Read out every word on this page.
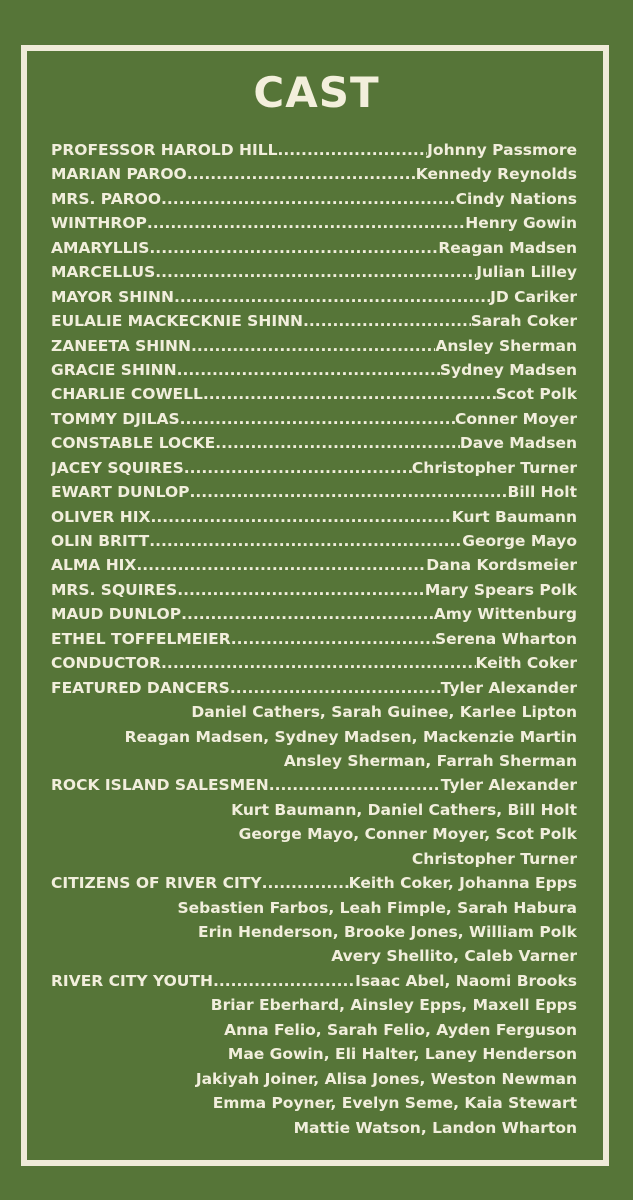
CAST
PROFESSOR HAROLD HILL .....	Johnny Passmore
MARIAN PAROO .....	Kennedy Reynolds
MRS. PAROO .....	Cindy Nations
WINTHROP .....	Henry Gowin
AMARYLLIS .....	Reagan Madsen
MARCELLUS .....	Julian Lilley
MAYOR SHINN .....	JD Cariker
EULALIE MACKECKNIE SHINN .....	Sarah Coker
ZANEETA SHINN .....	Ansley Sherman
GRACIE SHINN .....	Sydney Madsen
CHARLIE COWELL .....	Scot Polk
TOMMY DJILAS .....	Conner Moyer
CONSTABLE LOCKE .....	Dave Madsen
JACEY SQUIRES .....	Christopher Turner
EWART DUNLOP .....	Bill Holt
OLIVER HIX .....	Kurt Baumann
OLIN BRITT .....	George Mayo
ALMA HIX .....	Dana Kordsmeier
MRS. SQUIRES .....	Mary Spears Polk
MAUD DUNLOP .....	Amy Wittenburg
ETHEL TOFFELMEIER .....	Serena Wharton
CONDUCTOR .....	Keith Coker
FEATURED DANCERS .....	Tyler Alexander
Daniel Cathers, Sarah Guinee, Karlee Lipton
Reagan Madsen, Sydney Madsen, Mackenzie Martin
Ansley Sherman, Farrah Sherman
ROCK ISLAND SALESMEN .....	Tyler Alexander
Kurt Baumann, Daniel Cathers, Bill Holt
George Mayo, Conner Moyer, Scot Polk
Christopher Turner
CITIZENS OF RIVER CITY .....	Keith Coker, Johanna Epps
Sebastien Farbos, Leah Fimple, Sarah Habura
Erin Henderson, Brooke Jones, William Polk
Avery Shellito, Caleb Varner
RIVER CITY YOUTH .....	Isaac Abel, Naomi Brooks
Briar Eberhard, Ainsley Epps, Maxell Epps
Anna Felio, Sarah Felio, Ayden Ferguson
Mae Gowin, Eli Halter, Laney Henderson
Jakiyah Joiner, Alisa Jones, Weston Newman
Emma Poyner, Evelyn Seme, Kaia Stewart
Mattie Watson, Landon Wharton
